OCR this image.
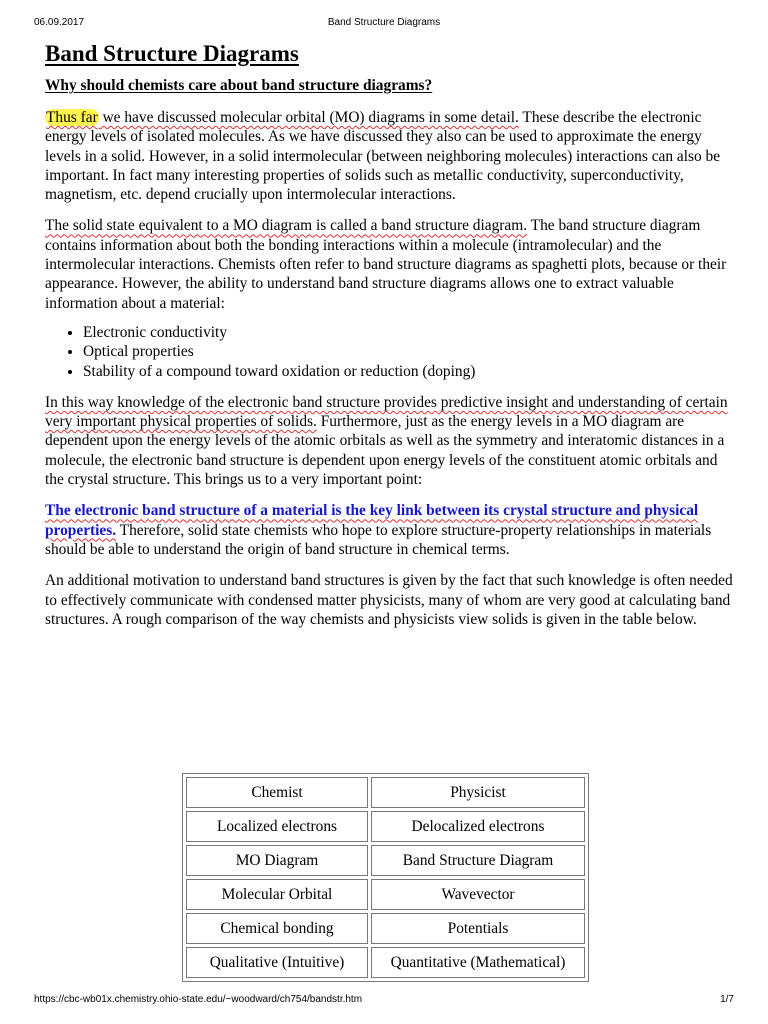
06.09.2017	Band Structure Diagrams
Band Structure Diagrams
Why should chemists care about band structure diagrams?

Thus far we have discussed molecular orbital (MO) diagrams in some detail. These describe the electronic energy levels of isolated molecules. As we have discussed they also can be used to approximate the energy levels in a solid. However, in a solid intermolecular (between neighboring molecules) interactions can also be important. In fact many interesting properties of solids such as metallic conductivity, superconductivity, magnetism, etc. depend crucially upon intermolecular interactions.

The solid state equivalent to a MO diagram is called a band structure diagram. The band structure diagram contains information about both the bonding interactions within a molecule (intramolecular) and the intermolecular interactions. Chemists often refer to band structure diagrams as spaghetti plots, because or their appearance. However, the ability to understand band structure diagrams allows one to extract valuable information about a material:

• Electronic conductivity
• Optical properties
• Stability of a compound toward oxidation or reduction (doping)

In this way knowledge of the electronic band structure provides predictive insight and understanding of certain very important physical properties of solids. Furthermore, just as the energy levels in a MO diagram are dependent upon the energy levels of the atomic orbitals as well as the symmetry and interatomic distances in a molecule, the electronic band structure is dependent upon energy levels of the constituent atomic orbitals and the crystal structure. This brings us to a very important point:

The electronic band structure of a material is the key link between its crystal structure and physical properties. Therefore, solid state chemists who hope to explore structure-property relationships in materials should be able to understand the origin of band structure in chemical terms.

An additional motivation to understand band structures is given by the fact that such knowledge is often needed to effectively communicate with condensed matter physicists, many of whom are very good at calculating band structures. A rough comparison of the way chemists and physicists view solids is given in the table below.

Chemist	Physicist
Localized electrons	Delocalized electrons
MO Diagram	Band Structure Diagram
Molecular Orbital	Wavevector
Chemical bonding	Potentials
Qualitative (Intuitive)	Quantitative (Mathematical)
https://cbc-wb01x.chemistry.ohio-state.edu/~woodward/ch754/bandstr.htm	1/7
